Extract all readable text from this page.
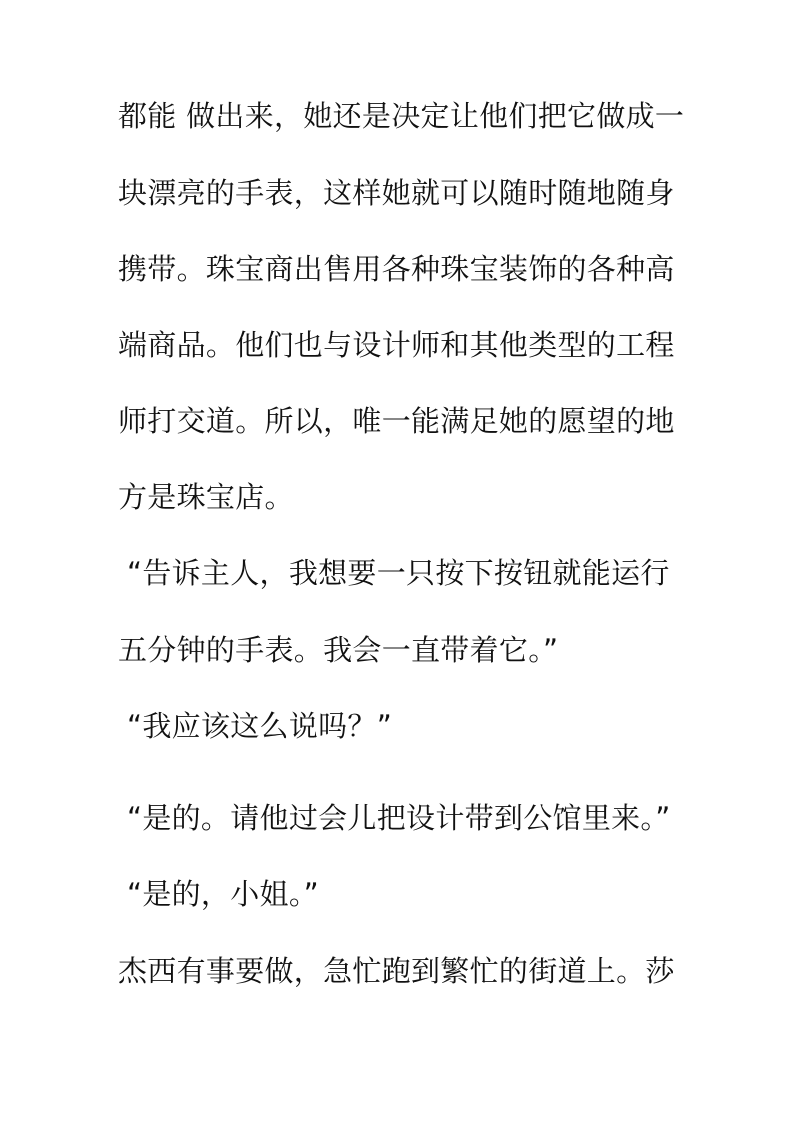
都能 做出来，她还是决定让他们把它做成一
块漂亮的手表，这样她就可以随时随地随身
携带。珠宝商出售用各种珠宝装饰的各种高
端商品。他们也与设计师和其他类型的工程
师打交道。所以，唯一能满足她的愿望的地
方是珠宝店。
“告诉主人，我想要一只按下按钮就能运行
五分钟的手表。我会一直带着它。”
“我应该这么说吗？”
“是的。请他过会儿把设计带到公馆里来。”
“是的，小姐。”
杰西有事要做，急忙跑到繁忙的街道上。莎
